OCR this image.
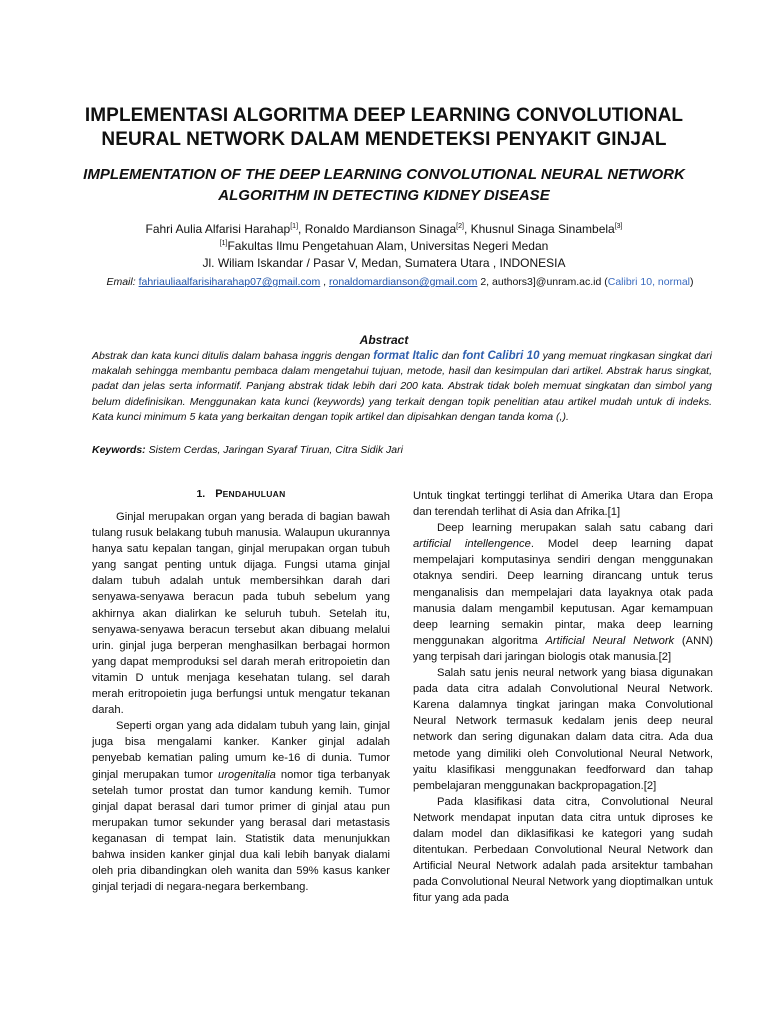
IMPLEMENTASI ALGORITMA DEEP LEARNING CONVOLUTIONAL
NEURAL NETWORK DALAM MENDETEKSI PENYAKIT GINJAL
IMPLEMENTATION OF THE DEEP LEARNING CONVOLUTIONAL NEURAL NETWORK
ALGORITHM IN DETECTING KIDNEY DISEASE
Fahri Aulia Alfarisi Harahap[1], Ronaldo Mardianson Sinaga[2], Khusnul Sinaga Sinambela[3]
[1]Fakultas Ilmu Pengetahuan Alam, Universitas Negeri Medan
Jl. Wiliam Iskandar / Pasar V, Medan, Sumatera Utara , INDONESIA
Email: fahriauliaalfarisiharahap07@gmail.com , ronaldomardianson@gmail.com 2, authors3]@unram.ac.id (Calibri 10, normal)
Abstract
Abstrak dan kata kunci ditulis dalam bahasa inggris dengan format Italic dan font Calibri 10 yang memuat ringkasan singkat dari makalah sehingga membantu pembaca dalam mengetahui tujuan, metode, hasil dan kesimpulan dari artikel. Abstrak harus singkat, padat dan jelas serta informatif. Panjang abstrak tidak lebih dari 200 kata. Abstrak tidak boleh memuat singkatan dan simbol yang belum didefinisikan. Menggunakan kata kunci (keywords) yang terkait dengan topik penelitian atau artikel mudah untuk di indeks. Kata kunci minimum 5 kata yang berkaitan dengan topik artikel dan dipisahkan dengan tanda koma (,).
Keywords: Sistem Cerdas, Jaringan Syaraf Tiruan, Citra Sidik Jari
1. PENDAHULUAN

Ginjal merupakan organ yang berada di bagian bawah tulang rusuk belakang tubuh manusia. Walaupun ukurannya hanya satu kepalan tangan, ginjal merupakan organ tubuh yang sangat penting untuk dijaga. Fungsi utama ginjal dalam tubuh adalah untuk membersihkan darah dari senyawa-senyawa beracun pada tubuh sebelum yang akhirnya akan dialirkan ke seluruh tubuh. Setelah itu, senyawa-senyawa beracun tersebut akan dibuang melalui urin. ginjal juga berperan menghasilkan berbagai hormon yang dapat memproduksi sel darah merah eritropoietin dan vitamin D untuk menjaga kesehatan tulang. sel darah merah eritropoietin juga berfungsi untuk mengatur tekanan darah.

Seperti organ yang ada didalam tubuh yang lain, ginjal juga bisa mengalami kanker. Kanker ginjal adalah penyebab kematian paling umum ke-16 di dunia. Tumor ginjal merupakan tumor urogenitalia nomor tiga terbanyak setelah tumor prostat dan tumor kandung kemih. Tumor ginjal dapat berasal dari tumor primer di ginjal atau pun merupakan tumor sekunder yang berasal dari metastasis keganasan di tempat lain. Statistik data menunjukkan bahwa insiden kanker ginjal dua kali lebih banyak dialami oleh pria dibandingkan oleh wanita dan 59% kasus kanker ginjal terjadi di negara-negara berkembang.

Untuk tingkat tertinggi terlihat di Amerika Utara dan Eropa dan terendah terlihat di Asia dan Afrika.[1]

Deep learning merupakan salah satu cabang dari artificial intellengence. Model deep learning dapat mempelajari komputasinya sendiri dengan menggunakan otaknya sendiri. Deep learning dirancang untuk terus menganalisis dan mempelajari data layaknya otak pada manusia dalam mengambil keputusan. Agar kemampuan deep learning semakin pintar, maka deep learning menggunakan algoritma Artificial Neural Network (ANN) yang terpisah dari jaringan biologis otak manusia.[2]

Salah satu jenis neural network yang biasa digunakan pada data citra adalah Convolutional Neural Network. Karena dalamnya tingkat jaringan maka Convolutional Neural Network termasuk kedalam jenis deep neural network dan sering digunakan dalam data citra. Ada dua metode yang dimiliki oleh Convolutional Neural Network, yaitu klasifikasi menggunakan feedforward dan tahap pembelajaran menggunakan backpropagation.[2]

Pada klasifikasi data citra, Convolutional Neural Network mendapat inputan data citra untuk diproses ke dalam model dan diklasifikasi ke kategori yang sudah ditentukan. Perbedaan Convolutional Neural Network dan Artificial Neural Network adalah pada arsitektur tambahan pada Convolutional Neural Network yang dioptimalkan untuk fitur yang ada pada
